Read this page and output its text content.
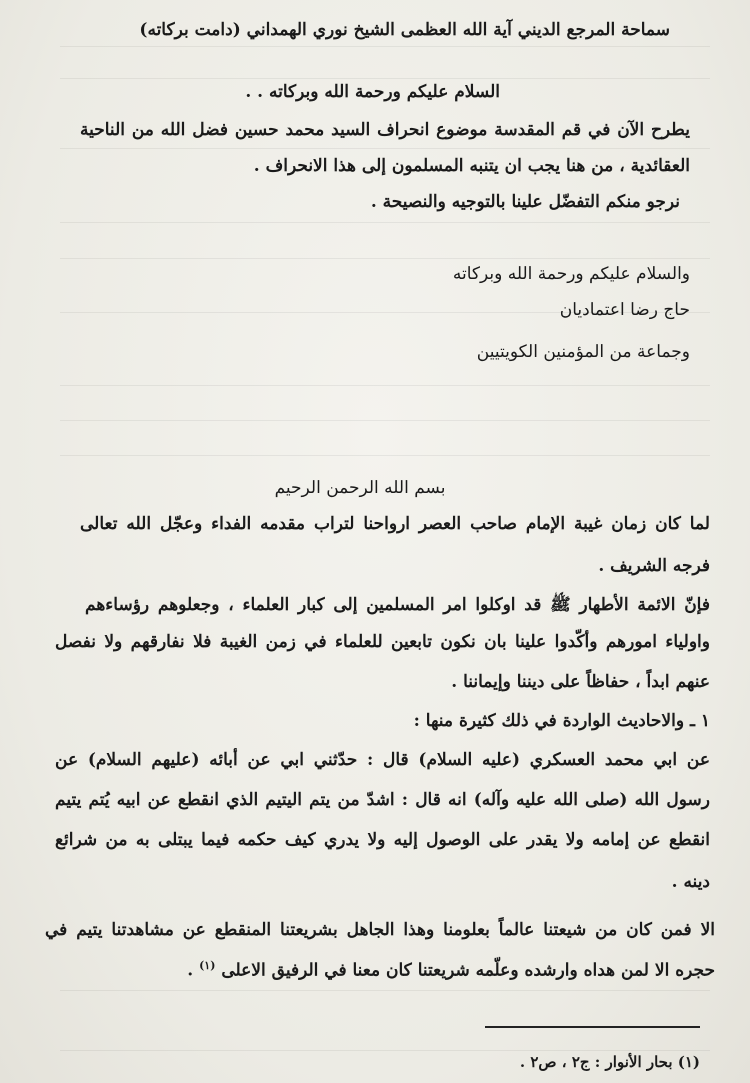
سماحة المرجع الديني آية الله العظمى الشيخ نوري الهمداني (دامت بركاته)
السلام عليكم ورحمة الله وبركاته . .
يطرح الآن في قم المقدسة موضوع انحراف السيد محمد حسين فضل الله من الناحية
العقائدية ، من هنا يجب ان يتنبه المسلمون إلى هذا الانحراف .
نرجو منكم التفضّل علينا بالتوجيه والنصيحة .
والسلام عليكم ورحمة الله وبركاته
حاج رضا اعتماديان
وجماعة من المؤمنين الكويتيين
بسم الله الرحمن الرحيم
لما كان زمان غيبة الإمام صاحب العصر ارواحنا لتراب مقدمه الفداء وعجّل الله تعالى
فرجه الشريف .
فإنّ الائمة الأطهار ﷺ قد اوكلوا امر المسلمين إلى كبار العلماء ، وجعلوهم رؤساءهم
واولياء امورهم وأكّدوا علينا بان نكون تابعين للعلماء في زمن الغيبة فلا نفارقهم ولا نفصل
عنهم ابداً ، حفاظاً على ديننا وإيماننا .
١ ـ والاحاديث الواردة في ذلك كثيرة منها :
عن ابي محمد العسكري (عليه السلام) قال : حدّثني ابي عن أبائه (عليهم السلام) عن
رسول الله (صلى الله عليه وآله) انه قال : اشدّ من يتم اليتيم الذي انقطع عن ابيه يُتم يتيم
انقطع عن إمامه ولا يقدر على الوصول إليه ولا يدري كيف حكمه فيما يبتلى به من شرائع
دينه .
الا فمن كان من شيعتنا عالماً بعلومنا وهذا الجاهل بشريعتنا المنقطع عن مشاهدتنا يتيم في
حجره الا لمن هداه وارشده وعلّمه شريعتنا كان معنا في الرفيق الاعلى $^{(١)}$ .
(١) بحار الأنوار : ج٢ ، ص٢ .
